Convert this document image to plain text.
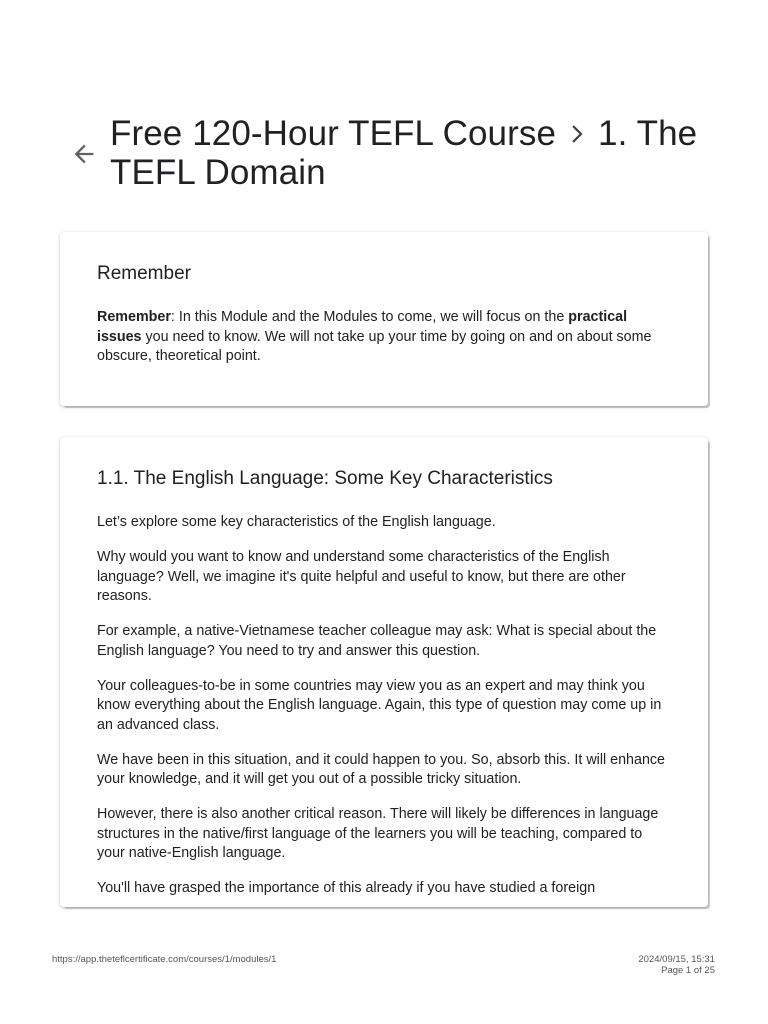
Free 120-Hour TEFL Course 1. The TEFL Domain
Remember

Remember: In this Module and the Modules to come, we will focus on the practical issues you need to know. We will not take up your time by going on and on about some obscure, theoretical point.

1.1. The English Language: Some Key Characteristics

Let’s explore some key characteristics of the English language.

Why would you want to know and understand some characteristics of the English language? Well, we imagine it's quite helpful and useful to know, but there are other reasons.

For example, a native-Vietnamese teacher colleague may ask: What is special about the English language? You need to try and answer this question.

Your colleagues-to-be in some countries may view you as an expert and may think you know everything about the English language. Again, this type of question may come up in an advanced class.

We have been in this situation, and it could happen to you. So, absorb this. It will enhance your knowledge, and it will get you out of a possible tricky situation.

However, there is also another critical reason. There will likely be differences in language structures in the native/first language of the learners you will be teaching, compared to your native-English language.

You'll have grasped the importance of this already if you have studied a foreign

https://app.theteflcertificate.com/courses/1/modules/1	2024/09/15, 15:31
Page 1 of 25
